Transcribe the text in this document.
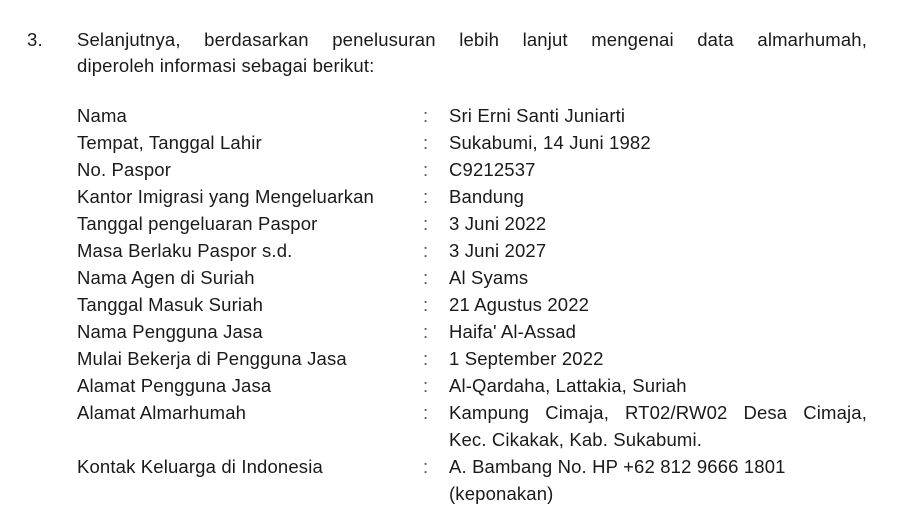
3. Selanjutnya, berdasarkan penelusuran lebih lanjut mengenai data almarhumah,
diperoleh informasi sebagai berikut:
Nama	:	Sri Erni Santi Juniarti
Tempat, Tanggal Lahir	:	Sukabumi, 14 Juni 1982
No. Paspor	:	C9212537
Kantor Imigrasi yang Mengeluarkan	:	Bandung
Tanggal pengeluaran Paspor	:	3 Juni 2022
Masa Berlaku Paspor s.d.	:	3 Juni 2027
Nama Agen di Suriah	:	Al Syams
Tanggal Masuk Suriah	:	21 Agustus 2022
Nama Pengguna Jasa	:	Haifa' Al-Assad
Mulai Bekerja di Pengguna Jasa	:	1 September 2022
Alamat Pengguna Jasa	:	Al-Qardaha, Lattakia, Suriah
Alamat Almarhumah	:	Kampung Cimaja, RT02/RW02 Desa Cimaja,
Kec. Cikakak, Kab. Sukabumi.
Kontak Keluarga di Indonesia	:	A. Bambang No. HP +62 812 9666 1801
(keponakan)
